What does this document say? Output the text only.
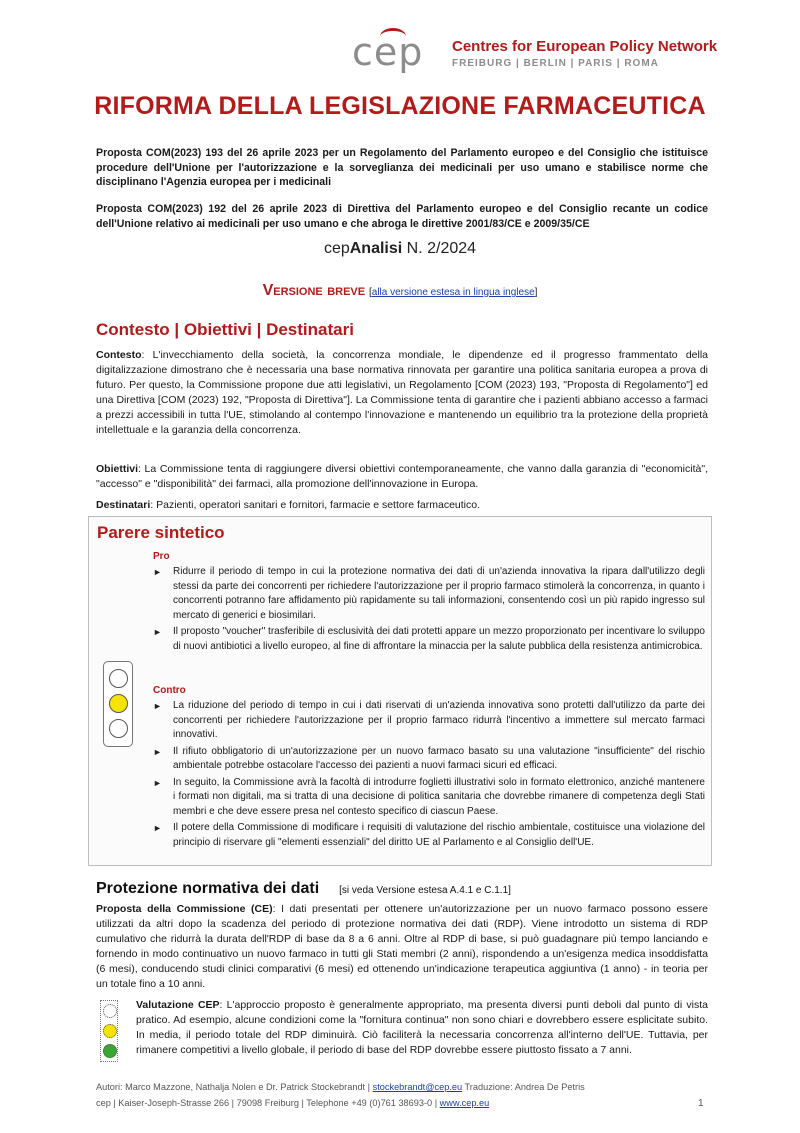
cep Centres for European Policy Network
FREIBURG | BERLIN | PARIS | ROMA
RIFORMA DELLA LEGISLAZIONE FARMACEUTICA
Proposta COM(2023) 193 del 26 aprile 2023 per un Regolamento del Parlamento europeo e del Consiglio che istituisce procedure dell'Unione per l'autorizzazione e la sorveglianza dei medicinali per uso umano e stabilisce norme che disciplinano l'Agenzia europea per i medicinali
Proposta COM(2023) 192 del 26 aprile 2023 di Direttiva del Parlamento europeo e del Consiglio recante un codice dell'Unione relativo ai medicinali per uso umano e che abroga le direttive 2001/83/CE e 2009/35/CE
cepAnalisi N. 2/2024
Versione breve [alla versione estesa in lingua inglese]
Contesto | Obiettivi | Destinatari
Contesto: L'invecchiamento della società, la concorrenza mondiale, le dipendenze ed il progresso frammentato della digitalizzazione dimostrano che è necessaria una base normativa rinnovata per garantire una politica sanitaria europea a prova di futuro. Per questo, la Commissione propone due atti legislativi, un Regolamento [COM (2023) 193, "Proposta di Regolamento"] ed una Direttiva [COM (2023) 192, "Proposta di Direttiva"]. La Commissione tenta di garantire che i pazienti abbiano accesso a farmaci a prezzi accessibili in tutta l'UE, stimolando al contempo l'innovazione e mantenendo un equilibrio tra la protezione della proprietà intellettuale e la garanzia della concorrenza.
Obiettivi: La Commissione tenta di raggiungere diversi obiettivi contemporaneamente, che vanno dalla garanzia di "economicità", "accesso" e "disponibilità" dei farmaci, alla promozione dell'innovazione in Europa.
Destinatari: Pazienti, operatori sanitari e fornitori, farmacie e settore farmaceutico.
Parere sintetico
Pro
► Ridurre il periodo di tempo in cui la protezione normativa dei dati di un'azienda innovativa la ripara dall'utilizzo degli stessi da parte dei concorrenti per richiedere l'autorizzazione per il proprio farmaco stimolerà la concorrenza, in quanto i concorrenti potranno fare affidamento più rapidamente su tali informazioni, consentendo così un più rapido ingresso sul mercato di generici e biosimilari.
► Il proposto "voucher" trasferibile di esclusività dei dati protetti appare un mezzo proporzionato per incentivare lo sviluppo di nuovi antibiotici a livello europeo, al fine di affrontare la minaccia per la salute pubblica della resistenza antimicrobica.
Contro
► La riduzione del periodo di tempo in cui i dati riservati di un'azienda innovativa sono protetti dall'utilizzo da parte dei concorrenti per richiedere l'autorizzazione per il proprio farmaco ridurrà l'incentivo a immettere sul mercato farmaci innovativi.
► Il rifiuto obbligatorio di un'autorizzazione per un nuovo farmaco basato su una valutazione "insufficiente" del rischio ambientale potrebbe ostacolare l'accesso dei pazienti a nuovi farmaci sicuri ed efficaci.
► In seguito, la Commissione avrà la facoltà di introdurre foglietti illustrativi solo in formato elettronico, anziché mantenere i formati non digitali, ma si tratta di una decisione di politica sanitaria che dovrebbe rimanere di competenza degli Stati membri e che deve essere presa nel contesto specifico di ciascun Paese.
► Il potere della Commissione di modificare i requisiti di valutazione del rischio ambientale, costituisce una violazione del principio di riservare gli "elementi essenziali" del diritto UE al Parlamento e al Consiglio dell'UE.
Protezione normativa dei dati [si veda Versione estesa A.4.1 e C.1.1]
Proposta della Commissione (CE): I dati presentati per ottenere un'autorizzazione per un nuovo farmaco possono essere utilizzati da altri dopo la scadenza del periodo di protezione normativa dei dati (RDP). Viene introdotto un sistema di RDP cumulativo che ridurrà la durata dell'RDP di base da 8 a 6 anni. Oltre al RDP di base, si può guadagnare più tempo lanciando e fornendo in modo continuativo un nuovo farmaco in tutti gli Stati membri (2 anni), rispondendo a un'esigenza medica insoddisfatta (6 mesi), conducendo studi clinici comparativi (6 mesi) ed ottenendo un'indicazione terapeutica aggiuntiva (1 anno) - in teoria per un totale fino a 10 anni.
Valutazione CEP: L'approccio proposto è generalmente appropriato, ma presenta diversi punti deboli dal punto di vista pratico. Ad esempio, alcune condizioni come la "fornitura continua" non sono chiari e dovrebbero essere esplicitate subito. In media, il periodo totale del RDP diminuirà. Ciò faciliterà la necessaria concorrenza all'interno dell'UE. Tuttavia, per rimanere competitivi a livello globale, il periodo di base del RDP dovrebbe essere piuttosto fissato a 7 anni.
Autori: Marco Mazzone, Nathalja Nolen e Dr. Patrick Stockebrandt | stockebrandt@cep.eu Traduzione: Andrea De Petris
cep | Kaiser-Joseph-Strasse 266 | 79098 Freiburg | Telephone +49 (0)761 38693-0 | www.cep.eu	1
